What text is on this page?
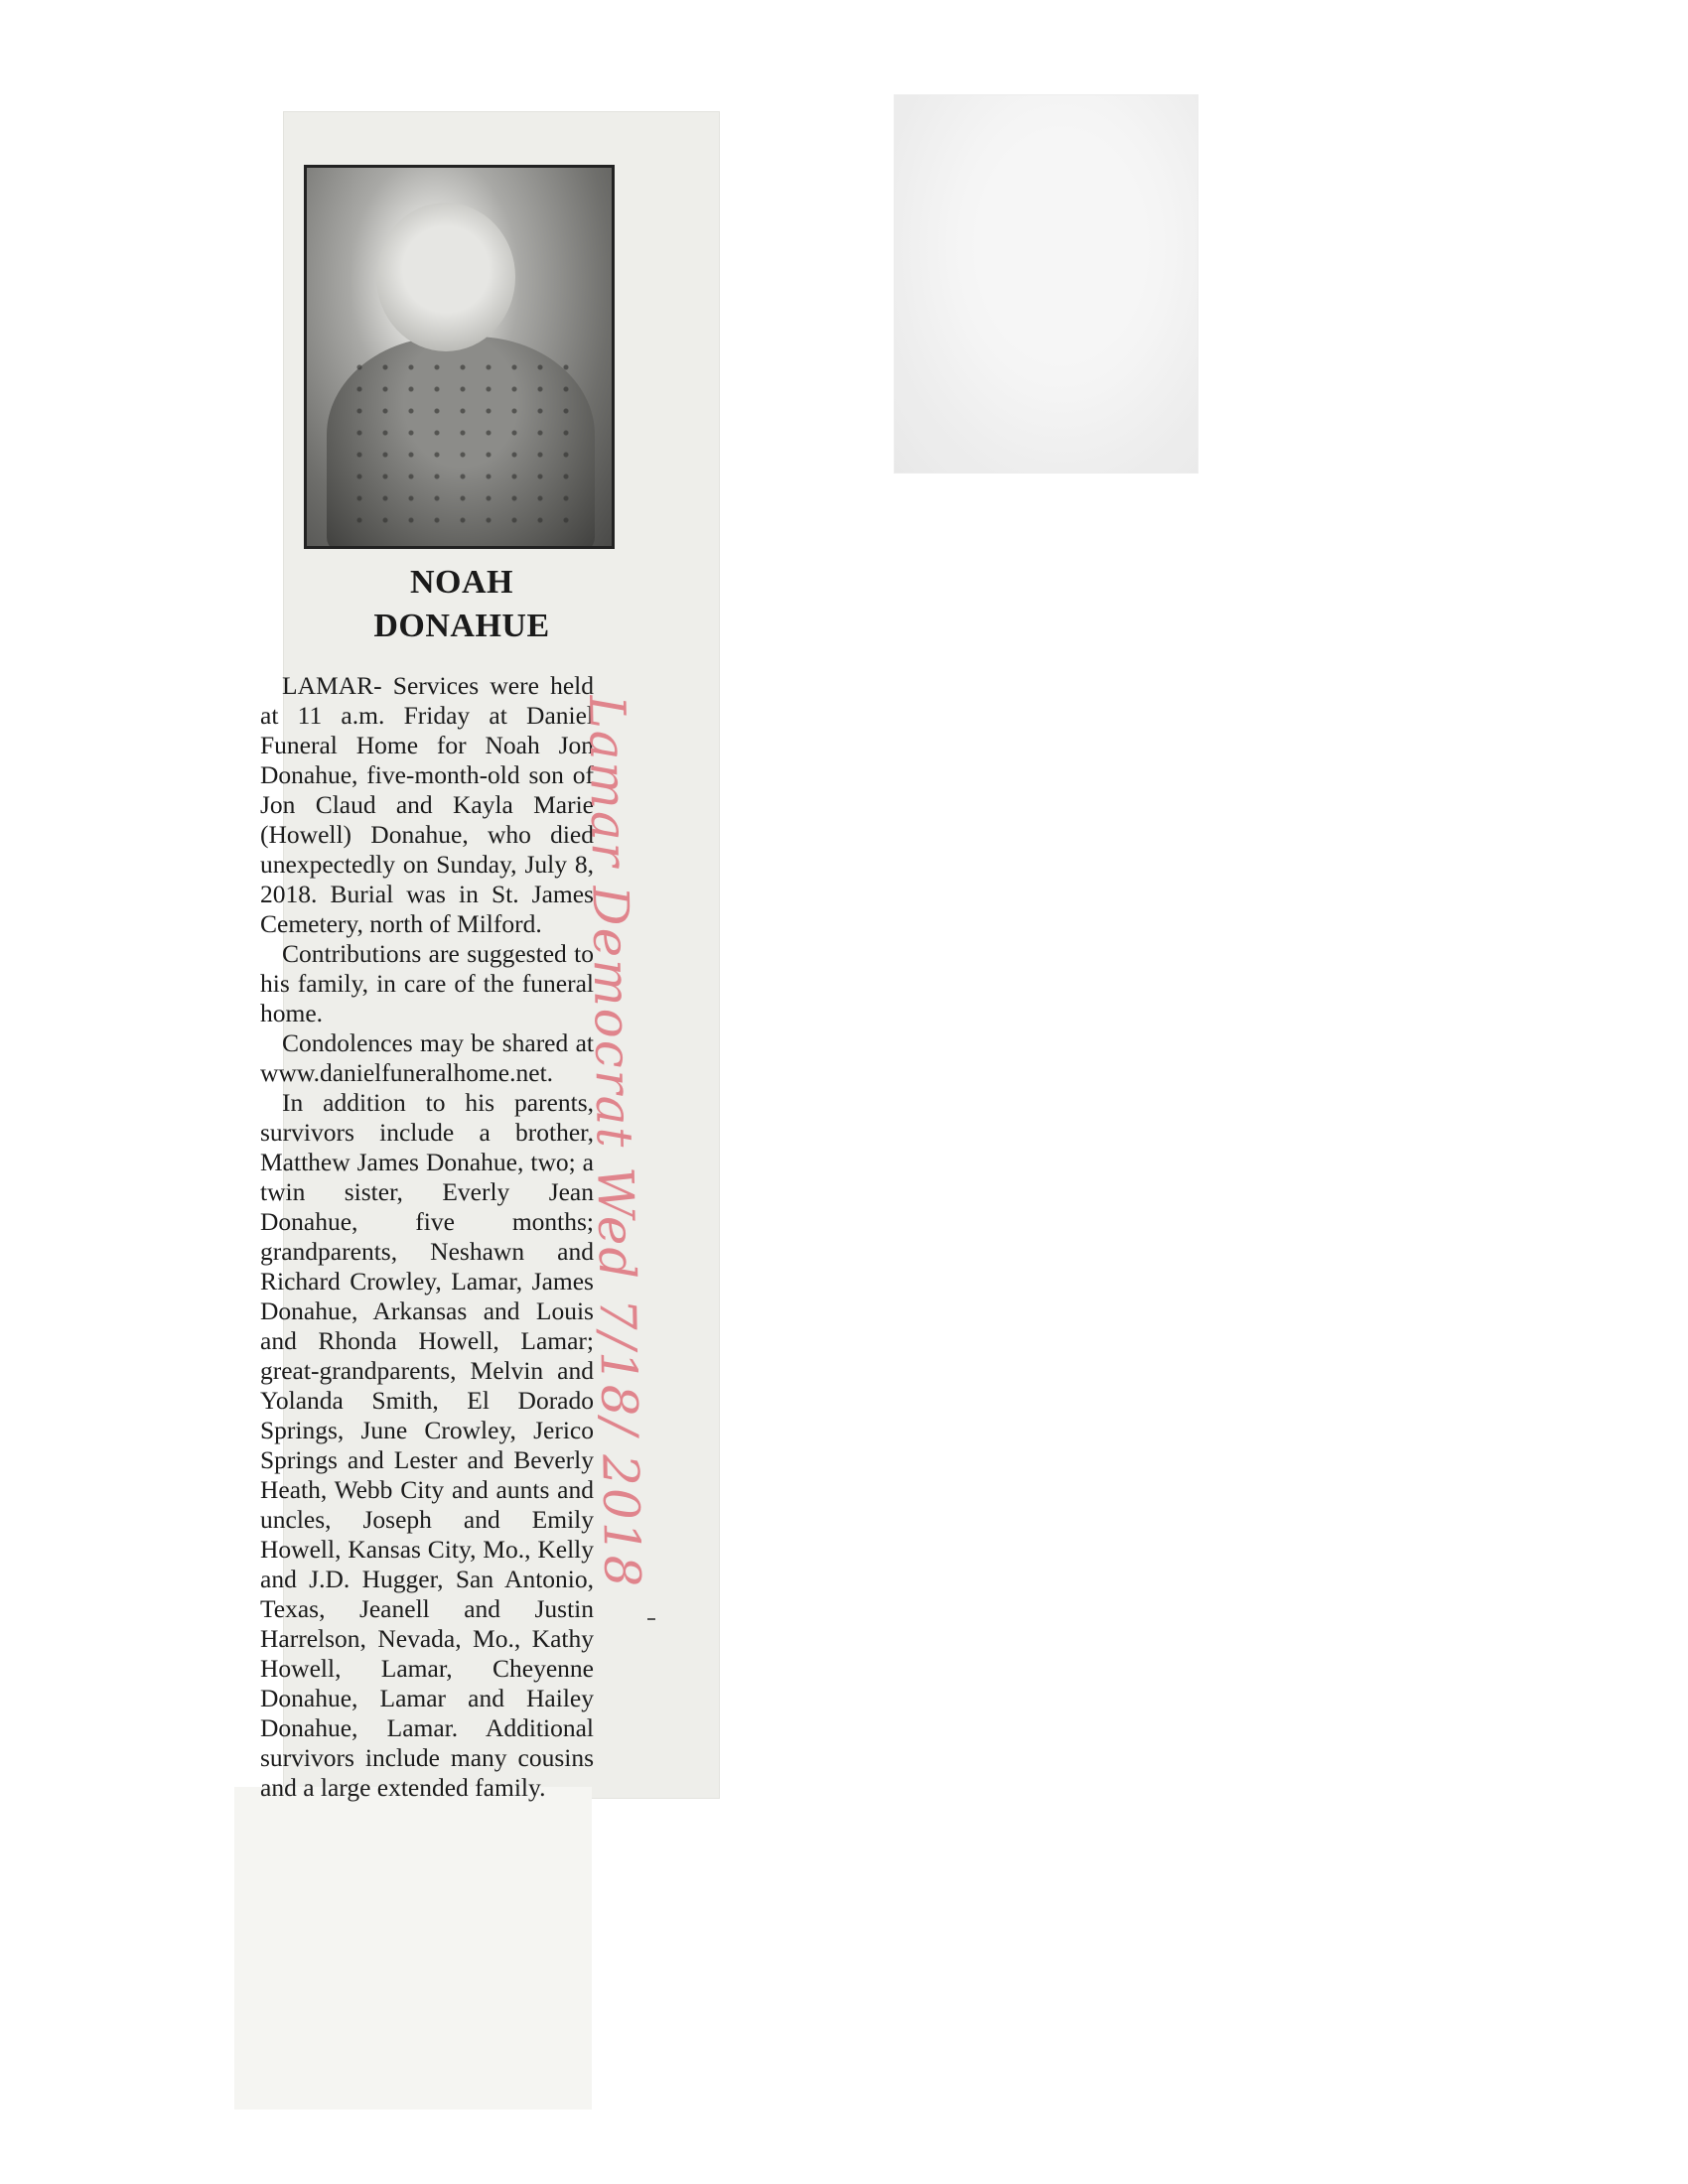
NOAH
DONAHUE

LAMAR- Services were held at 11 a.m. Friday at Daniel Funeral Home for Noah Jon Donahue, five-month-old son of Jon Claud and Kayla Marie (Howell) Donahue, who died unexpectedly on Sunday, July 8, 2018. Burial was in St. James Cemetery, north of Milford.

Contributions are suggested to his family, in care of the funeral home.

Condolences may be shared at www.danielfuneralhome.net.

In addition to his parents, survivors include a brother, Matthew James Donahue, two; a twin sister, Everly Jean Donahue, five months; grandparents, Neshawn and Richard Crowley, Lamar, James Donahue, Arkansas and Louis and Rhonda Howell, Lamar; great-grandparents, Melvin and Yolanda Smith, El Dorado Springs, June Crowley, Jerico Springs and Lester and Beverly Heath, Webb City and aunts and uncles, Joseph and Emily Howell, Kansas City, Mo., Kelly and J.D. Hugger, San Antonio, Texas, Jeanell and Justin Harrelson, Nevada, Mo., Kathy Howell, Lamar, Cheyenne Donahue, Lamar and Hailey Donahue, Lamar. Additional survivors include many cousins and a large extended family.

Lamar Democrat Wed 7/18/ 2018
